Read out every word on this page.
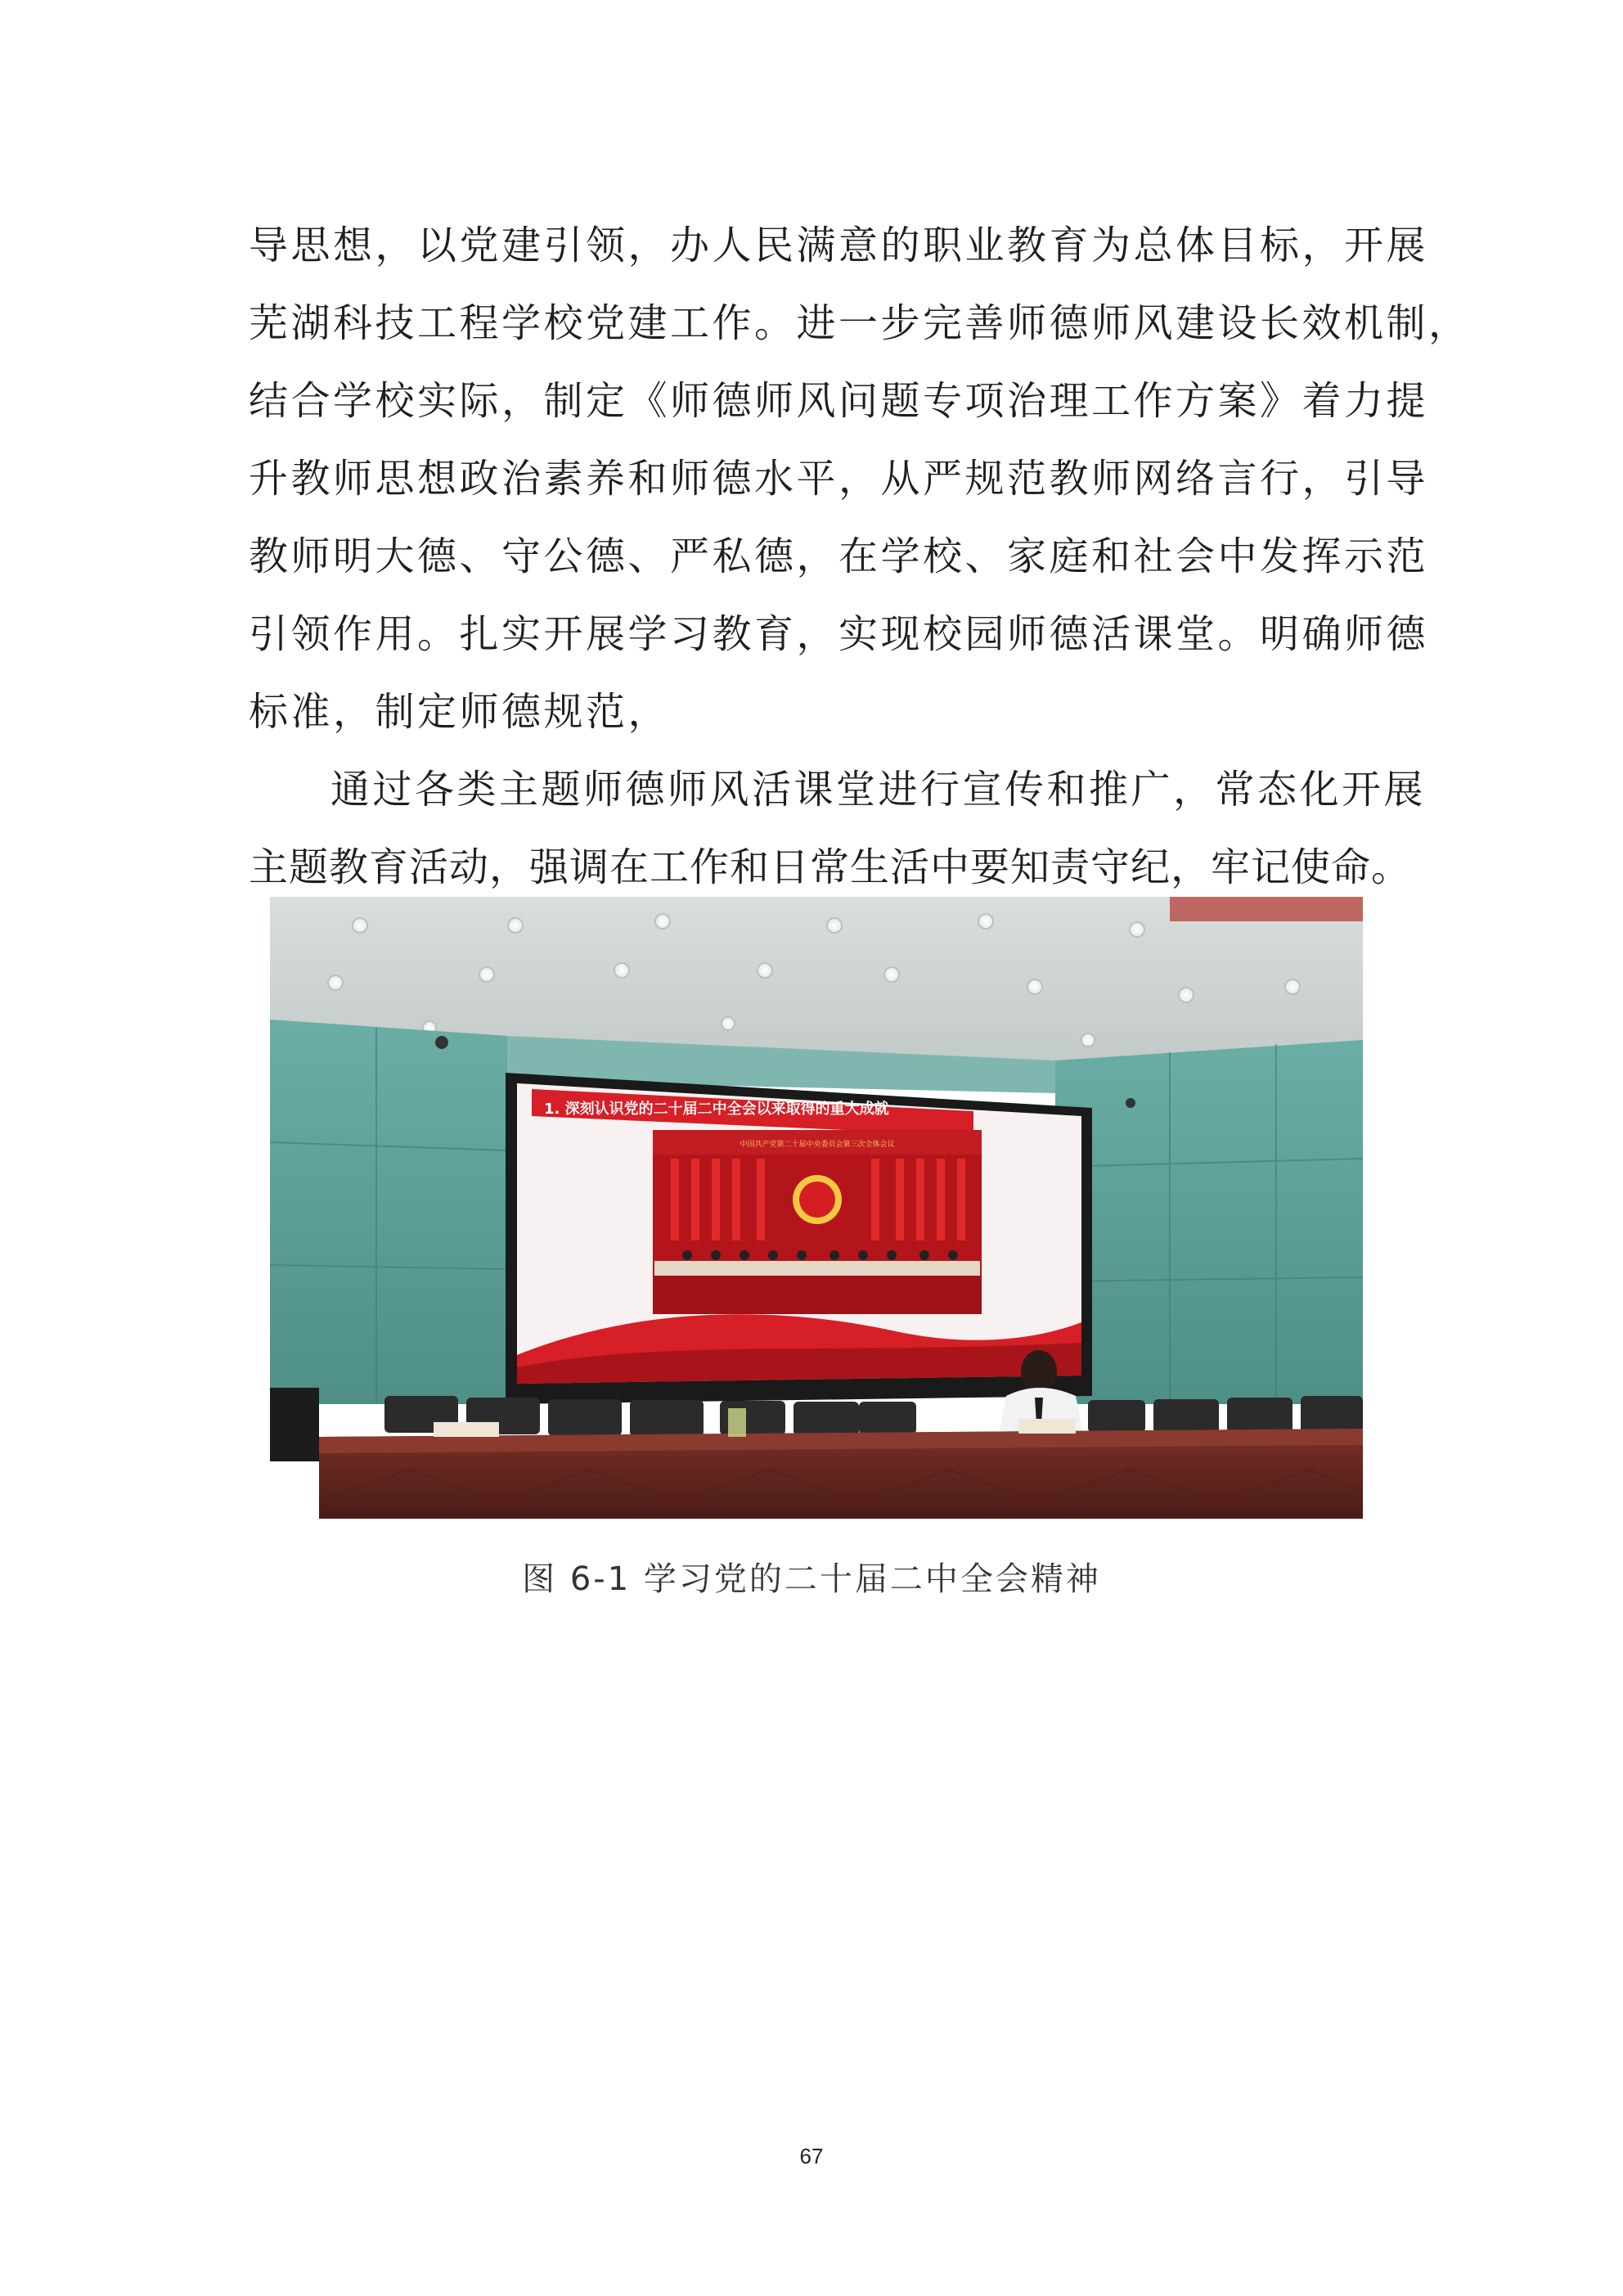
导思想，以党建引领，办人民满意的职业教育为总体目标，开展
芜湖科技工程学校党建工作。进一步完善师德师风建设长效机制，
结合学校实际，制定《师德师风问题专项治理工作方案》着力提
升教师思想政治素养和师德水平，从严规范教师网络言行，引导
教师明大德、守公德、严私德，在学校、家庭和社会中发挥示范
引领作用。扎实开展学习教育，实现校园师德活课堂。明确师德
标准，制定师德规范，
通过各类主题师德师风活课堂进行宣传和推广，常态化开展
主题教育活动，强调在工作和日常生活中要知责守纪，牢记使命。
1. 深刻认识党的二十届二中全会以来取得的重大成就
中国共产党第二十届中央委员会第三次全体会议
图 6-1 学习党的二十届二中全会精神
67
